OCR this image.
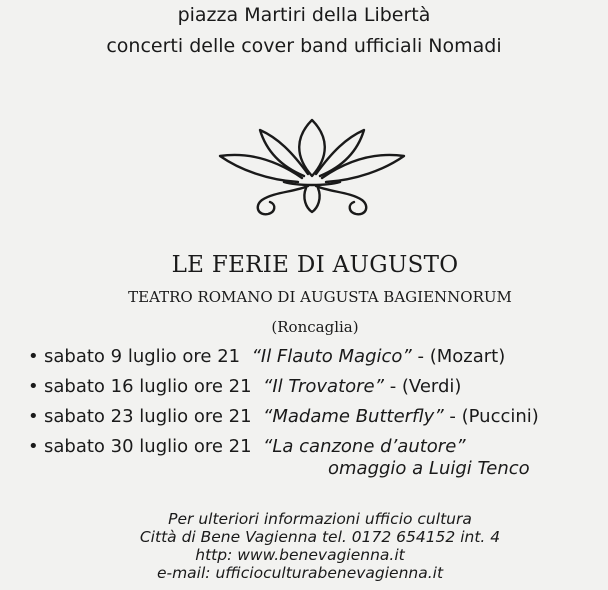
piazza Martiri della Libertà
concerti delle cover band ufficiali Nomadi
LE FERIE DI AUGUSTO
TEATRO ROMANO DI AUGUSTA BAGIENNORUM
(Roncaglia)
• sabato 9 luglio ore 21 “Il Flauto Magico” - (Mozart)
• sabato 16 luglio ore 21 “Il Trovatore” - (Verdi)
• sabato 23 luglio ore 21 “Madame Butterfly” - (Puccini)
• sabato 30 luglio ore 21 “La canzone d’autore”
omaggio a Luigi Tenco
Per ulteriori informazioni ufficio cultura
Città di Bene Vagienna tel. 0172 654152 int. 4
http: www.benevagienna.it
e-mail: ufficioculturabenevagienna.it
